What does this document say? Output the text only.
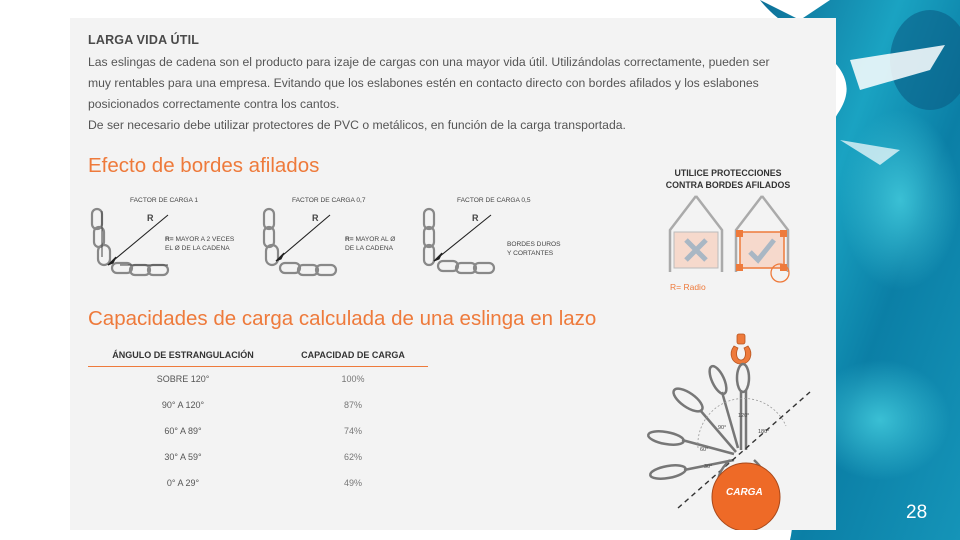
LARGA VIDA ÚTIL
Las eslingas de cadena son el producto para izaje de cargas con una mayor vida útil. Utilizándolas correctamente, pueden ser
muy rentables para una empresa. Evitando que los eslabones estén en contacto directo con bordes afilados y los eslabones
posicionados correctamente contra los cantos.
De ser necesario debe utilizar protectores de PVC o metálicos, en función de la carga transportada.
Efecto de bordes afilados
FACTOR DE CARGA 1
R
R= MAYOR A 2 VECES
EL Ø DE LA CADENA
FACTOR DE CARGA 0,7
R
R= MAYOR AL Ø
DE LA CADENA
FACTOR DE CARGA 0,5
R
BORDES DUROS
Y CORTANTES
UTILICE PROTECCIONES
CONTRA BORDES AFILADOS
R= Radio
Capacidades de carga calculada de una eslinga en lazo
ÁNGULO DE ESTRANGULACIÓN	CAPACIDAD DE CARGA
SOBRE 120°	100%
90° A 120°	87%
60° A 89°	74%
30° A 59°	62%
0° A 29°	49%
CARGA
120°
90°
60°
30°
180°
28
